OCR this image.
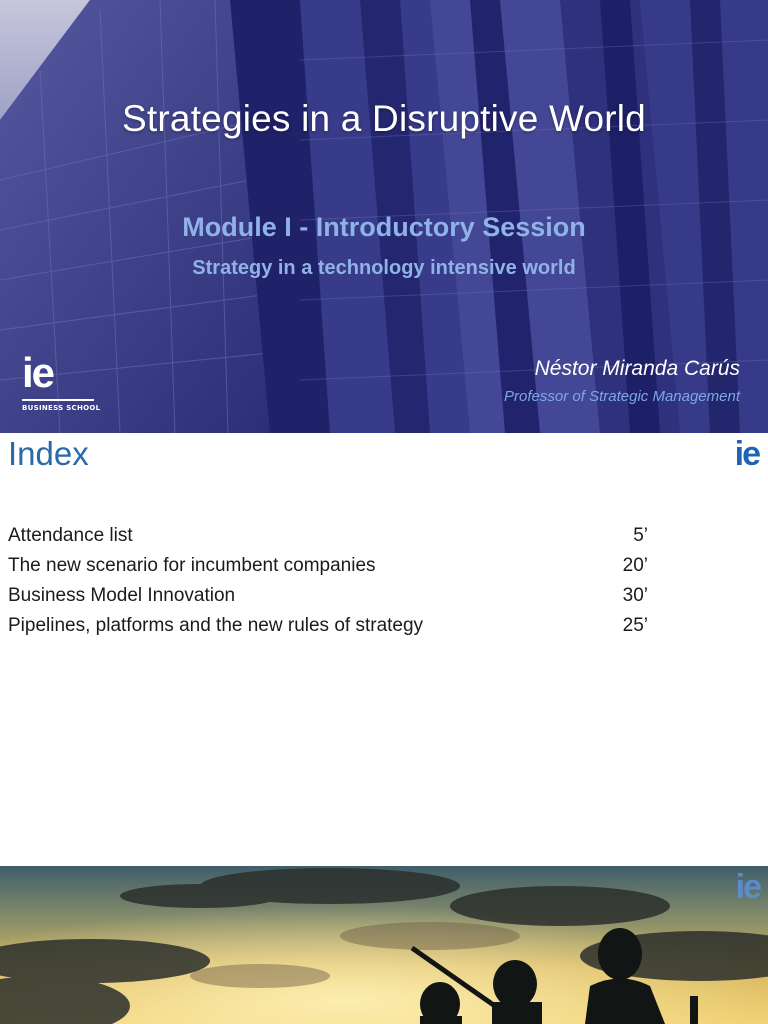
Strategies in a Disruptive World
Module I - Introductory Session
Strategy in a technology intensive world
ie
BUSINESS SCHOOL
Néstor Miranda Carús
Professor of Strategic Management
Index	ie
Attendance list	5’
The new scenario for incumbent companies	20’
Business Model Innovation	30’
Pipelines, platforms and the new rules of strategy	25’
ie
